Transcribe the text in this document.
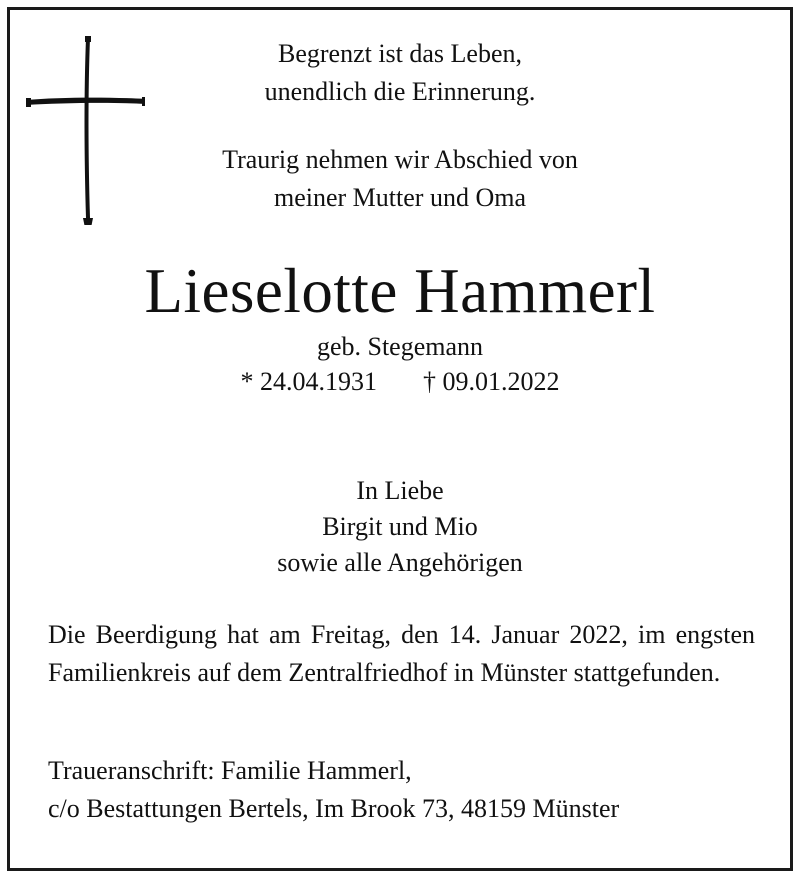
Begrenzt ist das Leben,
unendlich die Erinnerung.
Traurig nehmen wir Abschied von
meiner Mutter und Oma
Lieselotte Hammerl
geb. Stegemann
* 24.04.1931 † 09.01.2022
In Liebe
Birgit und Mio
sowie alle Angehörigen
Die Beerdigung hat am Freitag, den 14. Januar 2022, im engsten Familienkreis auf dem Zentralfriedhof in Münster stattgefunden.
Traueranschrift: Familie Hammerl,
c/o Bestattungen Bertels, Im Brook 73, 48159 Münster
